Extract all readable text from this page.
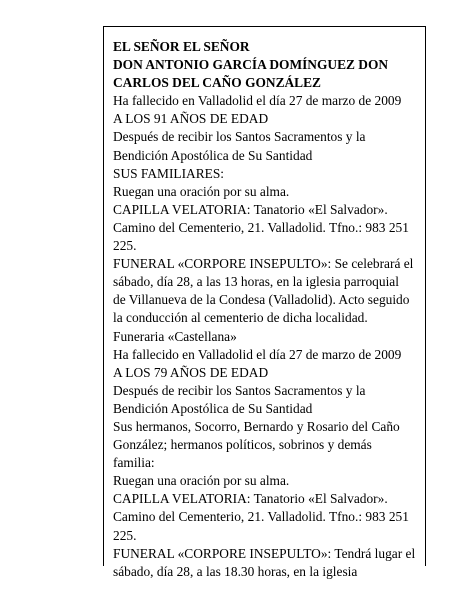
EL SEÑOR EL SEÑOR
DON ANTONIO GARCÍA DOMÍNGUEZ DON
CARLOS DEL CAÑO GONZÁLEZ
Ha fallecido en Valladolid el día 27 de marzo de 2009
A LOS 91 AÑOS DE EDAD
Después de recibir los Santos Sacramentos y la
Bendición Apostólica de Su Santidad
SUS FAMILIARES:
Ruegan una oración por su alma.
CAPILLA VELATORIA: Tanatorio «El Salvador».
Camino del Cementerio, 21. Valladolid. Tfno.: 983 251
225.
FUNERAL «CORPORE INSEPULTO»: Se celebrará el
sábado, día 28, a las 13 horas, en la iglesia parroquial
de Villanueva de la Condesa (Valladolid). Acto seguido
la conducción al cementerio de dicha localidad.
Funeraria «Castellana»
Ha fallecido en Valladolid el día 27 de marzo de 2009
A LOS 79 AÑOS DE EDAD
Después de recibir los Santos Sacramentos y la
Bendición Apostólica de Su Santidad
Sus hermanos, Socorro, Bernardo y Rosario del Caño
González; hermanos políticos, sobrinos y demás
familia:
Ruegan una oración por su alma.
CAPILLA VELATORIA: Tanatorio «El Salvador».
Camino del Cementerio, 21. Valladolid. Tfno.: 983 251
225.
FUNERAL «CORPORE INSEPULTO»: Tendrá lugar el
sábado, día 28, a las 18.30 horas, en la iglesia
